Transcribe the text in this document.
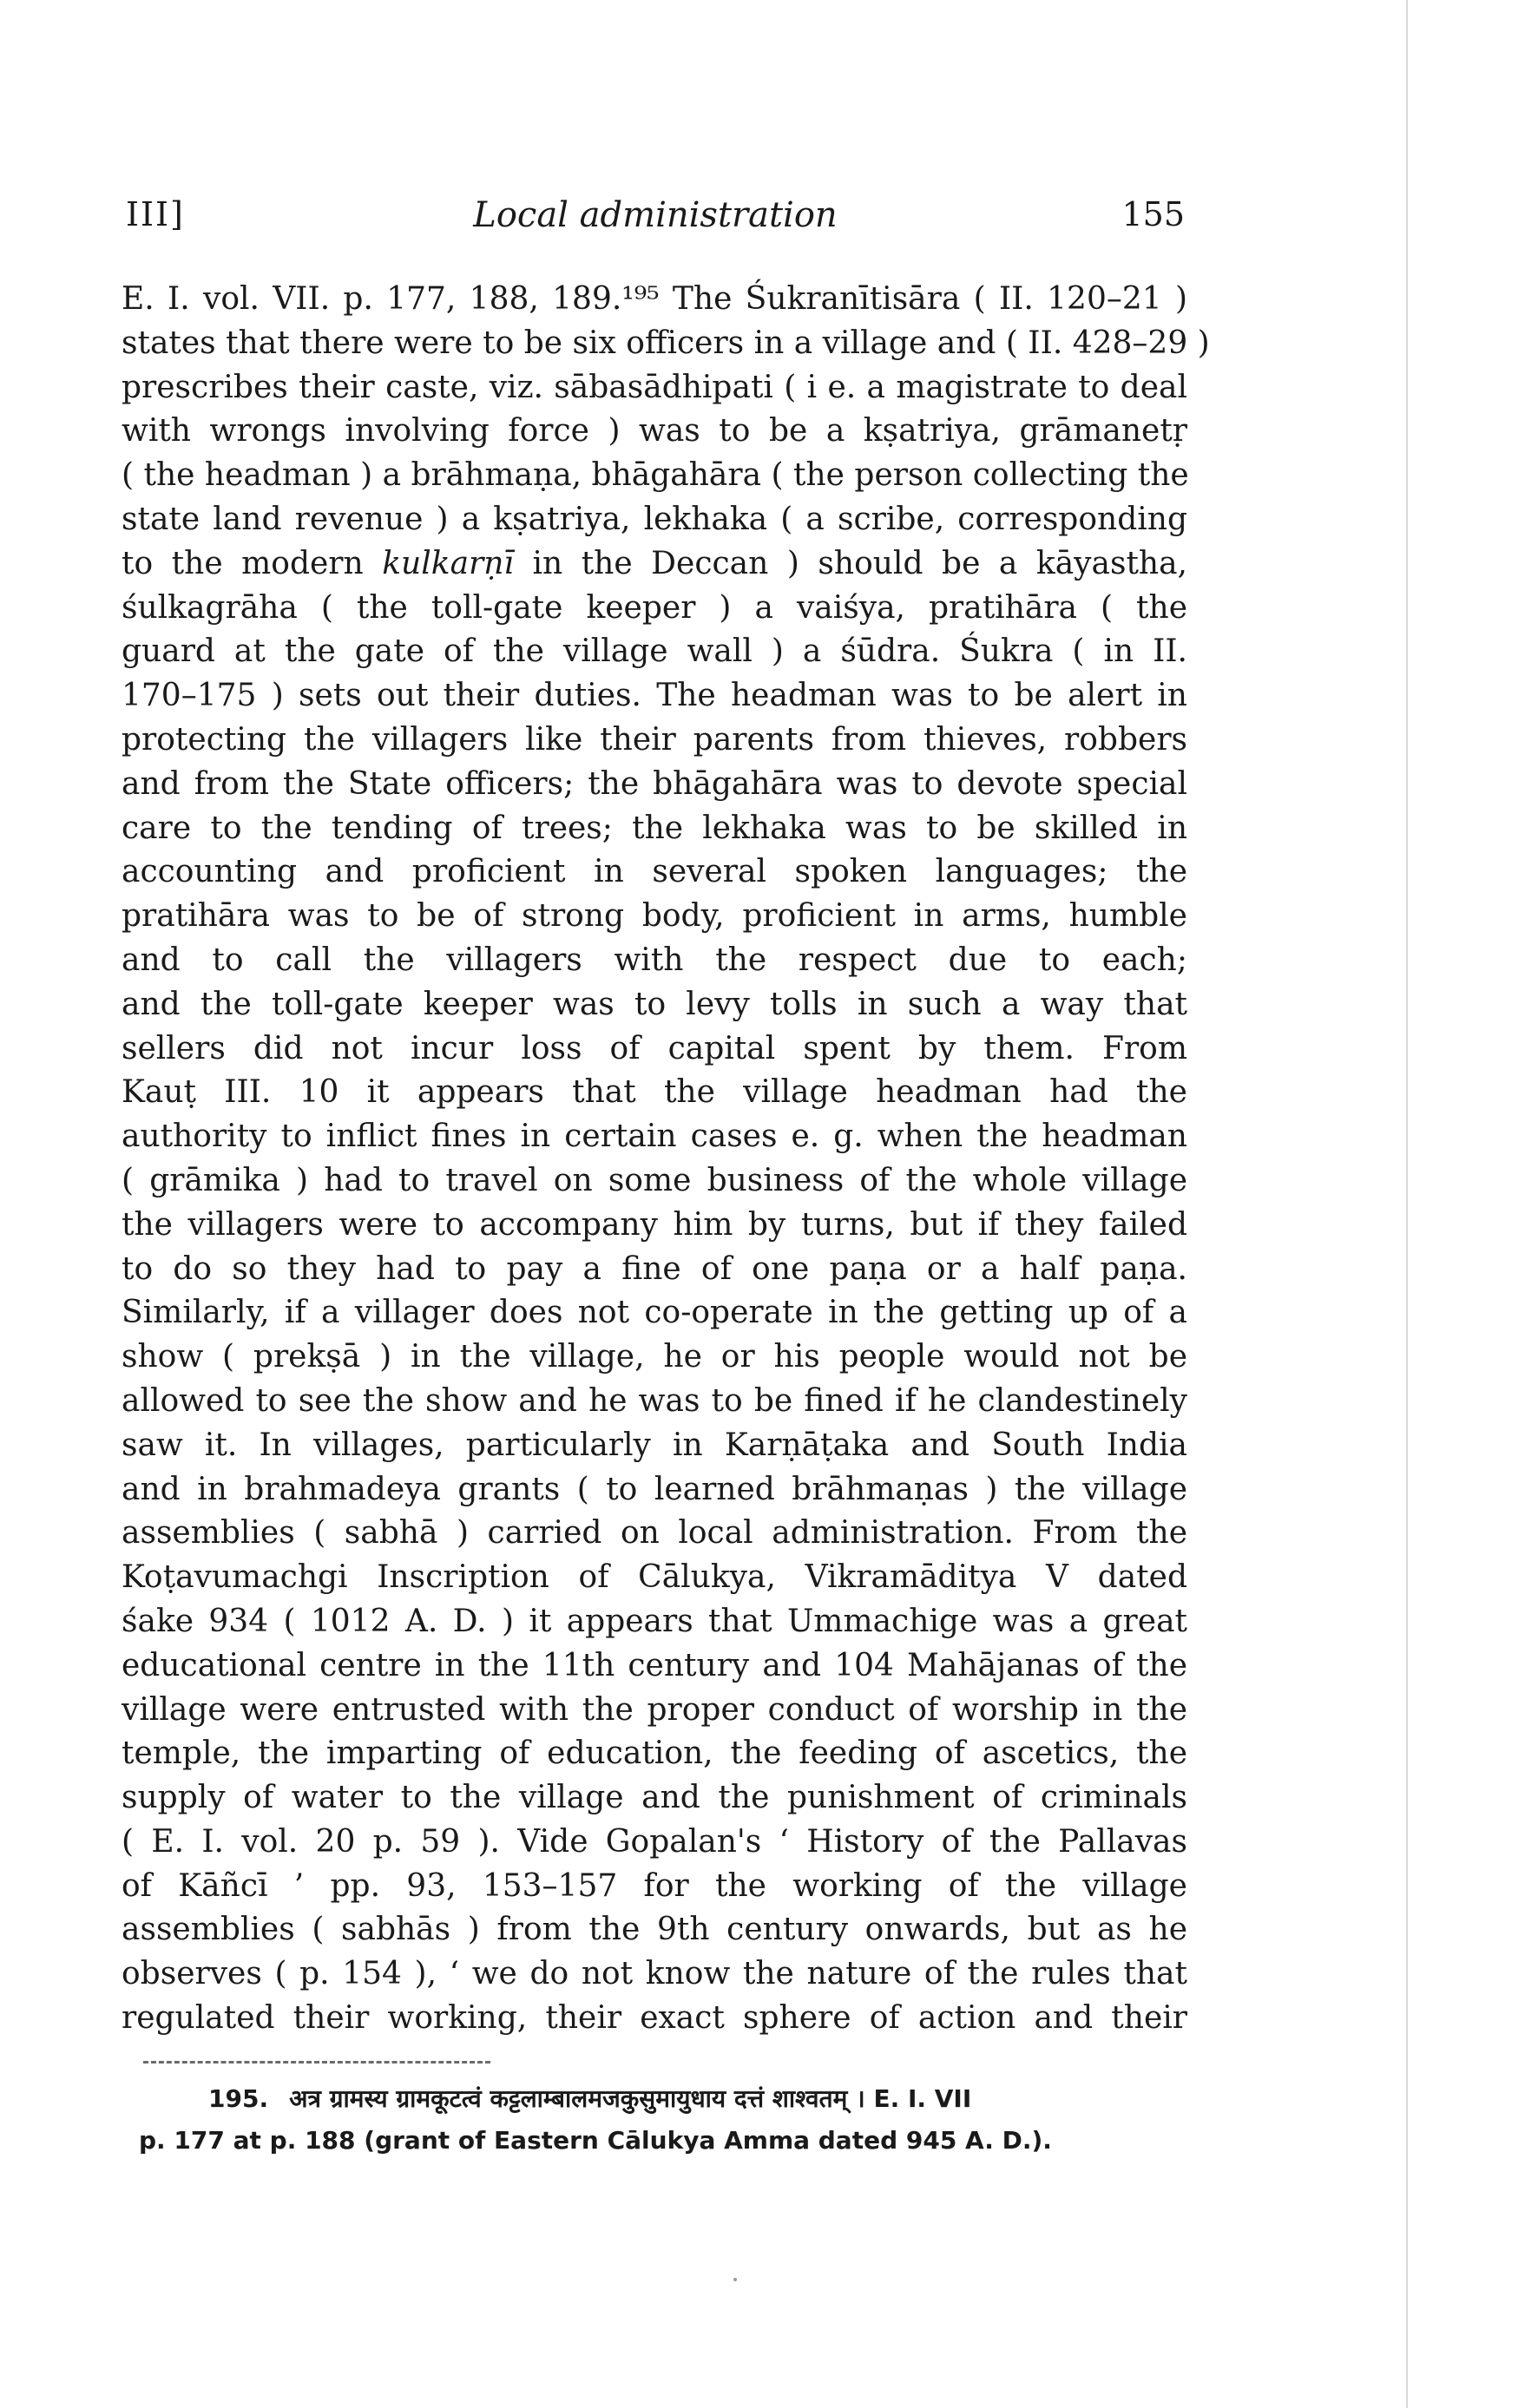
III]	Local administration	155
E. I. vol. VII. p. 177, 188, 189.¹⁹⁵ The Śukranītisāra ( II. 120–21 )
states that there were to be six officers in a village and ( II. 428–29 )
prescribes their caste, viz. sābasādhipati ( i e. a magistrate to deal
with wrongs involving force ) was to be a kṣatriya, grāmanetṛ
( the headman ) a brāhmaṇa, bhāgahāra ( the person collecting the
state land revenue ) a kṣatriya, lekhaka ( a scribe, corresponding
to the modern kulkarṇī in the Deccan ) should be a kāyastha,
śulkagrāha ( the toll-gate keeper ) a vaiśya, pratihāra ( the
guard at the gate of the village wall ) a śūdra. Śukra ( in II.
170–175 ) sets out their duties. The headman was to be alert in
protecting the villagers like their parents from thieves, robbers
and from the State officers; the bhāgahāra was to devote special
care to the tending of trees; the lekhaka was to be skilled in
accounting and proficient in several spoken languages; the
pratihāra was to be of strong body, proficient in arms, humble
and to call the villagers with the respect due to each;
and the toll-gate keeper was to levy tolls in such a way that
sellers did not incur loss of capital spent by them. From
Kauṭ III. 10 it appears that the village headman had the
authority to inflict fines in certain cases e. g. when the headman
( grāmika ) had to travel on some business of the whole village
the villagers were to accompany him by turns, but if they failed
to do so they had to pay a fine of one paṇa or a half paṇa.
Similarly, if a villager does not co-operate in the getting up of a
show ( prekṣā ) in the village, he or his people would not be
allowed to see the show and he was to be fined if he clandestinely
saw it. In villages, particularly in Karṇāṭaka and South India
and in brahmadeya grants ( to learned brāhmaṇas ) the village
assemblies ( sabhā ) carried on local administration. From the
Koṭavumachgi Inscription of Cālukya, Vikramāditya V dated
śake 934 ( 1012 A. D. ) it appears that Ummachige was a great
educational centre in the 11th century and 104 Mahājanas of the
village were entrusted with the proper conduct of worship in the
temple, the imparting of education, the feeding of ascetics, the
supply of water to the village and the punishment of criminals
( E. I. vol. 20 p. 59 ). Vide Gopalan's ‘ History of the Pallavas
of Kāñcī ’ pp. 93, 153–157 for the working of the village
assemblies ( sabhās ) from the 9th century onwards, but as he
observes ( p. 154 ), ‘ we do not know the nature of the rules that
regulated their working, their exact sphere of action and their
195. अत्र ग्रामस्य ग्रामकूटत्वं कट्टलाम्बालमजकुसुमायुधाय दत्तं शाश्वतम् । E. I. VII
p. 177 at p. 188 (grant of Eastern Cālukya Amma dated 945 A. D.).
